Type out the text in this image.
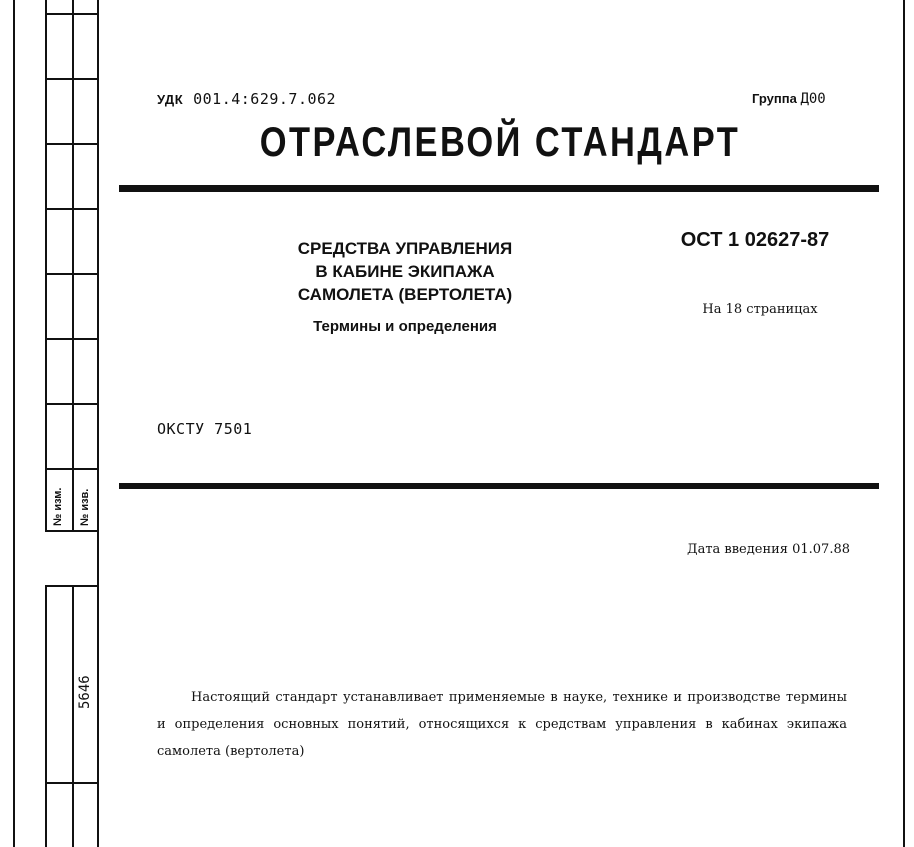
№ изм. № изв.
5646
УДК 001.4:629.7.062	Группа Д00
ОТРАСЛЕВОЙ СТАНДАРТ
СРЕДСТВА УПРАВЛЕНИЯ
В КАБИНЕ ЭКИПАЖА
САМОЛЕТА (ВЕРТОЛЕТА)
Термины и определения
ОСТ 1 02627-87
На 18 страницах
ОКСТУ 7501
Дата введения 01.07.88
Настоящий стандарт устанавливает применяемые в науке, технике и производстве термины и определения основных понятий, относящихся к средствам управления в кабинах экипажа самолета (вертолета)
